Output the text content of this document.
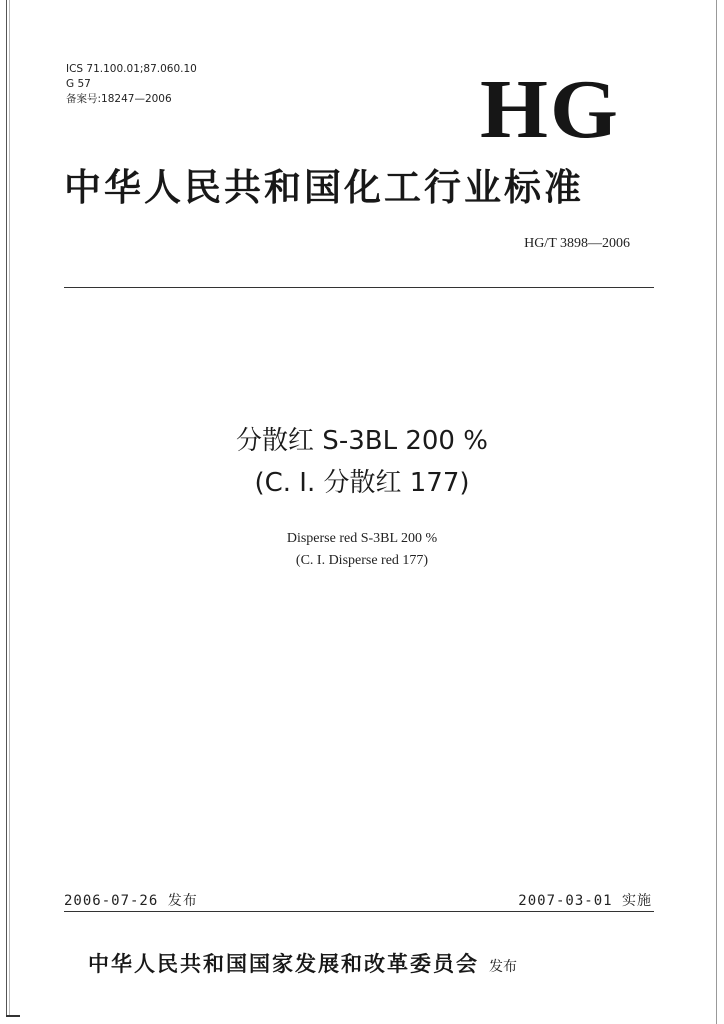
ICS 71.100.01;87.060.10
G 57
备案号:18247—2006	HG
中华人民共和国化工行业标准
HG/T 3898—2006
分散红 S-3BL 200 %
(C. I. 分散红 177)
Disperse red S-3BL 200 %
(C. I. Disperse red 177)
2006-07-26 发布	2007-03-01 实施
中华人民共和国国家发展和改革委员会 发布
